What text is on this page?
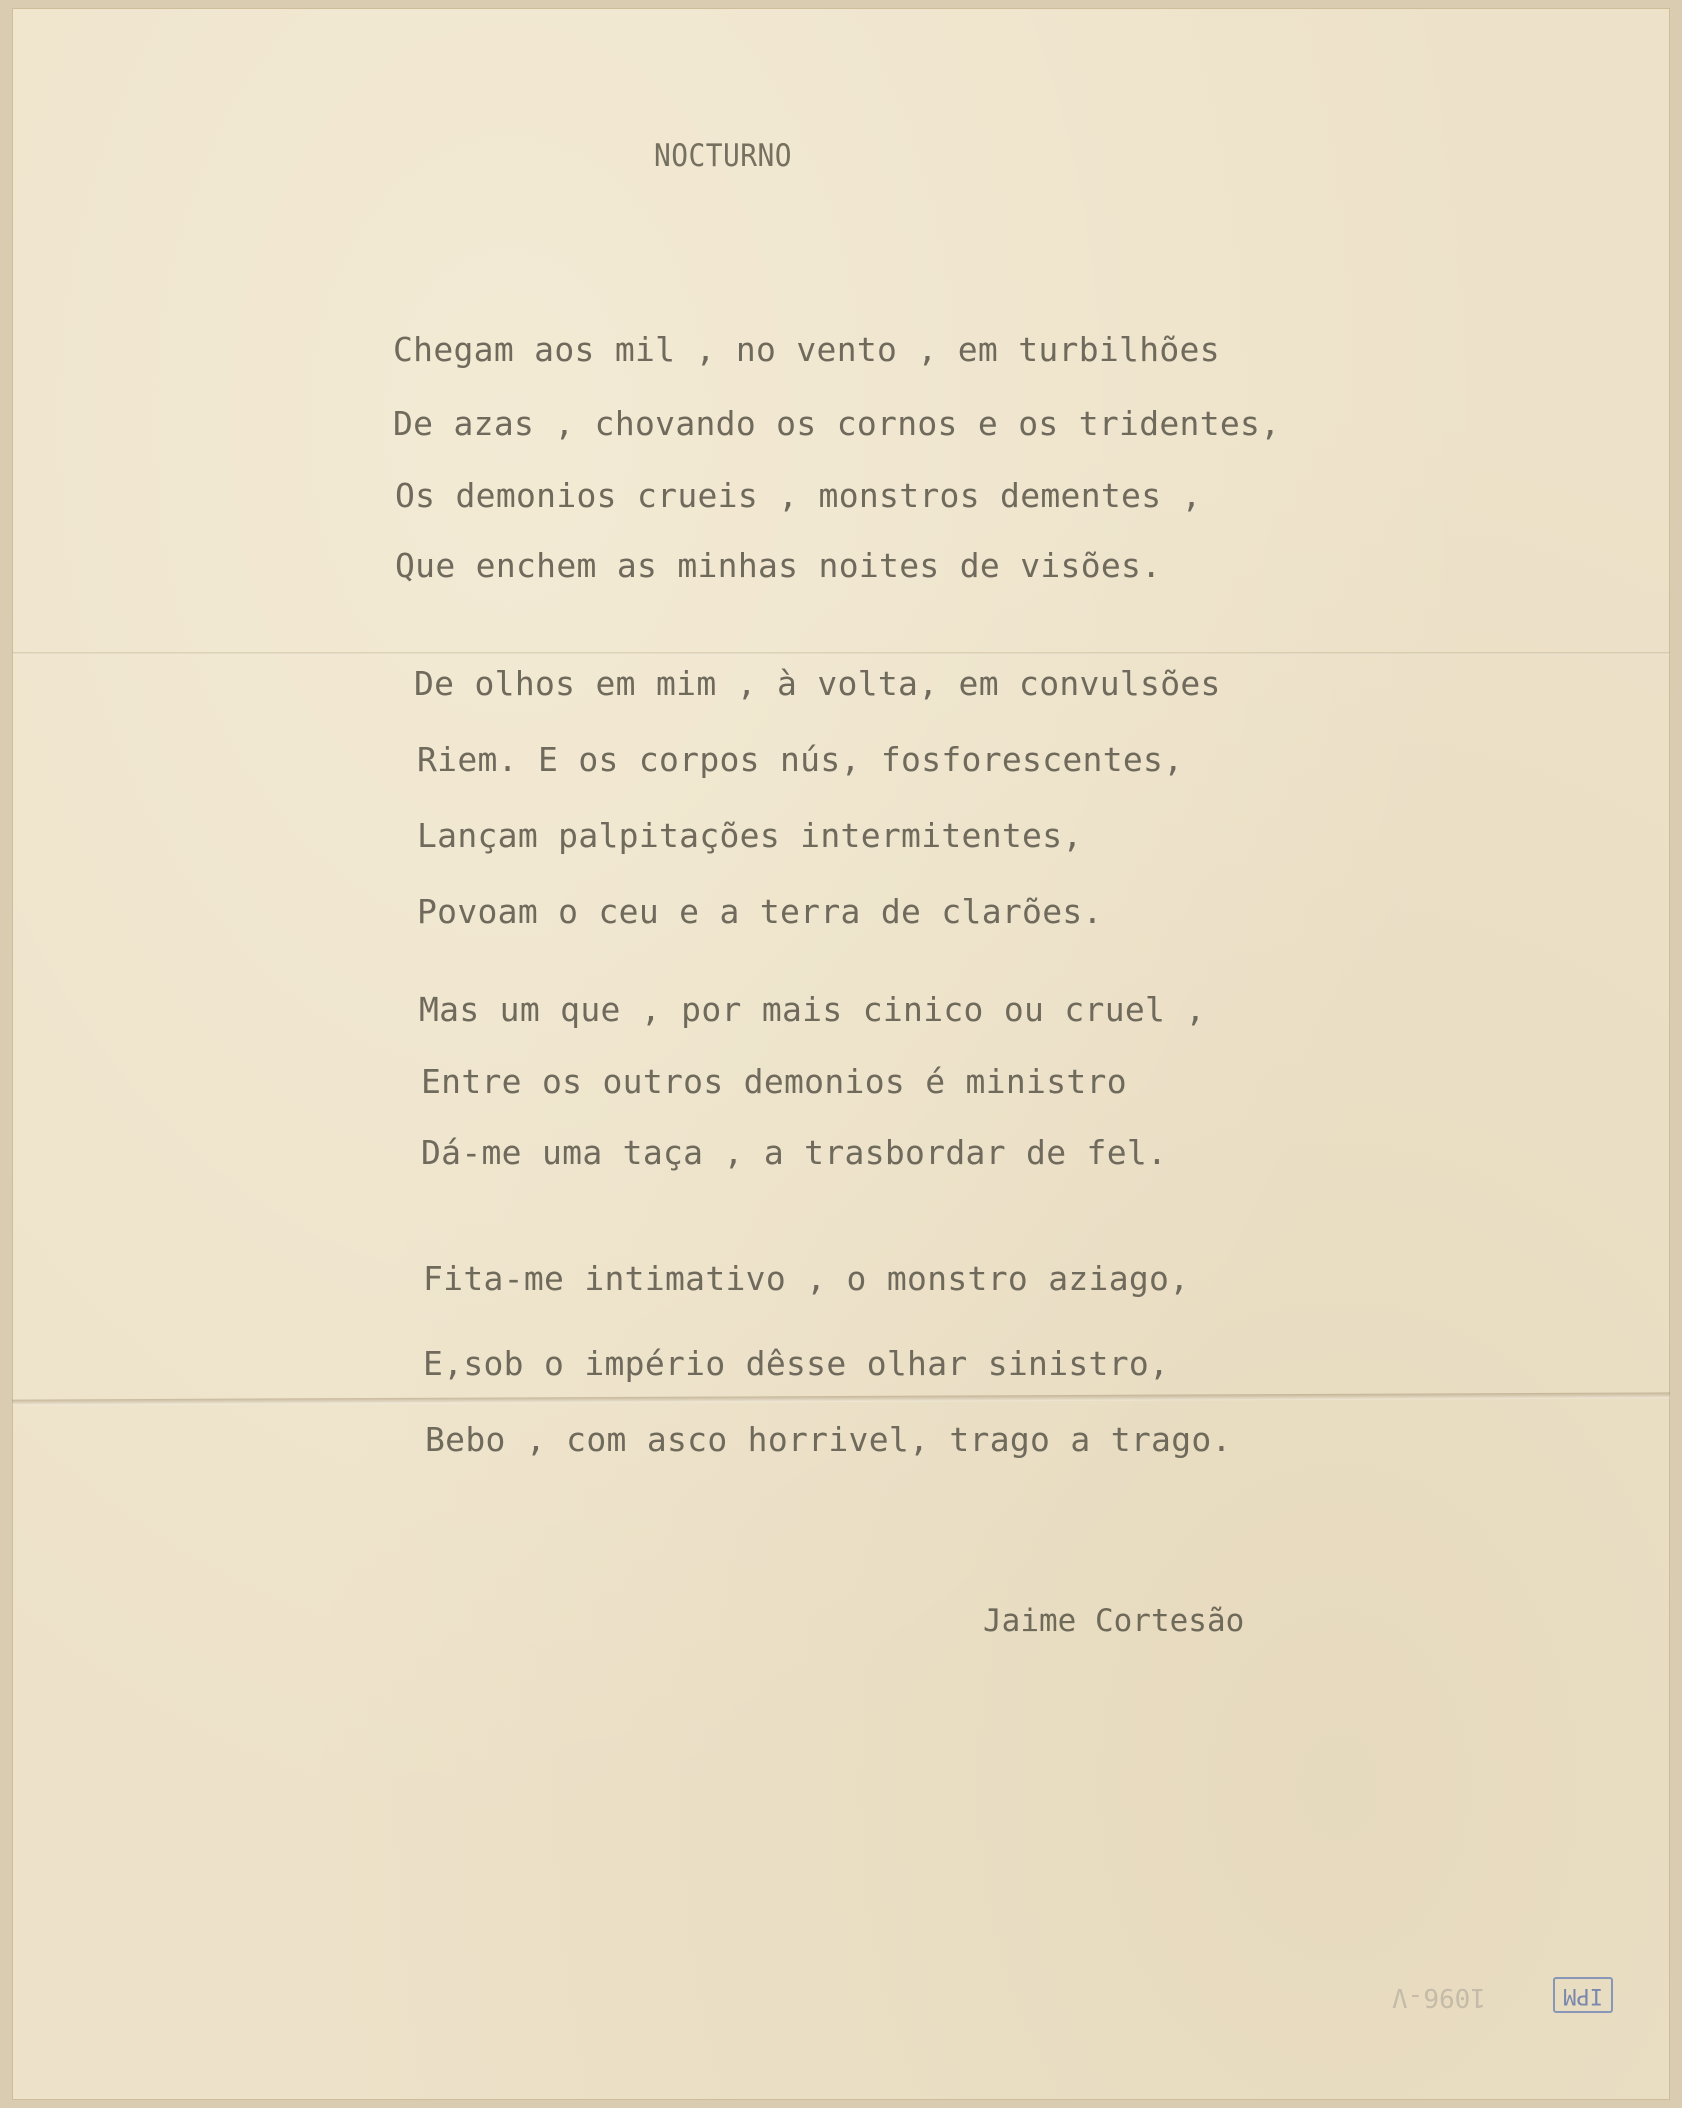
NOCTURNO
Chegam aos mil , no vento , em turbilhões
De azas , chovando os cornos e os tridentes,
Os demonios crueis , monstros dementes ,
Que enchem as minhas noites de visões.
De olhos em mim , à volta, em convulsões
Riem. E os corpos nús, fosforescentes,
Lançam palpitações intermitentes,
Povoam o ceu e a terra de clarões.
Mas um que , por mais cinico ou cruel ,
Entre os outros demonios é ministro
Dá-me uma taça , a trasbordar de fel.
Fita-me intimativo , o monstro aziago,
E,sob o império dêsse olhar sinistro,
Bebo , com asco horrivel, trago a trago.
Jaime Cortesão
1096-V	IPM
